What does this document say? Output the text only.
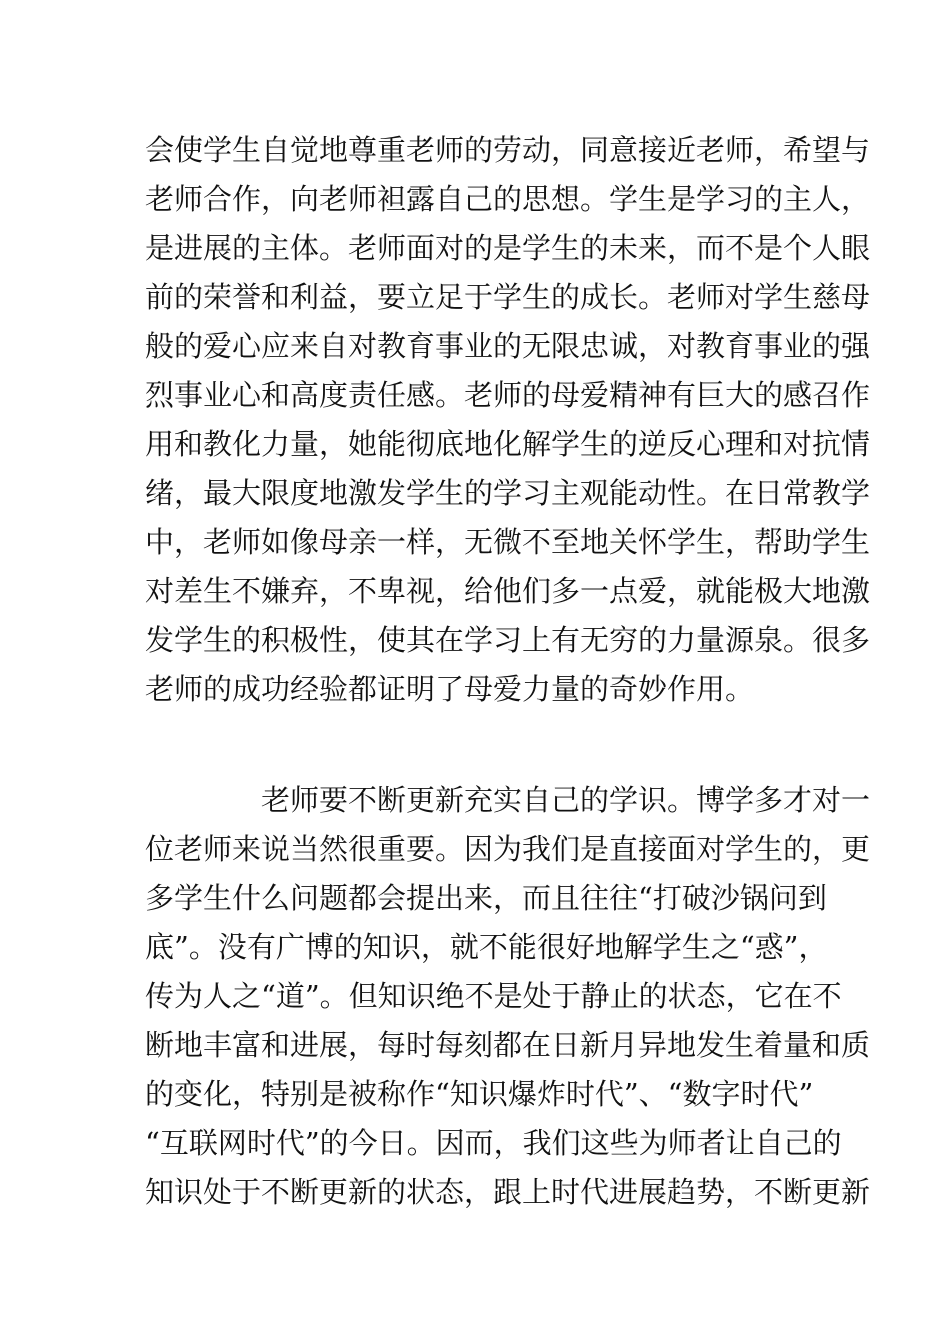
会使学生自觉地尊重老师的劳动，同意接近老师，希望与
老师合作，向老师袒露自己的思想。学生是学习的主人，
是进展的主体。老师面对的是学生的未来，而不是个人眼
前的荣誉和利益，要立足于学生的成长。老师对学生慈母
般的爱心应来自对教育事业的无限忠诚，对教育事业的强
烈事业心和高度责任感。老师的母爱精神有巨大的感召作
用和教化力量，她能彻底地化解学生的逆反心理和对抗情
绪，最大限度地激发学生的学习主观能动性。在日常教学
中，老师如像母亲一样，无微不至地关怀学生，帮助学生
对差生不嫌弃，不卑视，给他们多一点爱，就能极大地激
发学生的积极性，使其在学习上有无穷的力量源泉。很多
老师的成功经验都证明了母爱力量的奇妙作用。
老师要不断更新充实自己的学识。博学多才对一
位老师来说当然很重要。因为我们是直接面对学生的，更
多学生什么问题都会提出来，而且往往“打破沙锅问到
底”。没有广博的知识，就不能很好地解学生之“惑”，
传为人之“道”。但知识绝不是处于静止的状态，它在不
断地丰富和进展，每时每刻都在日新月异地发生着量和质
的变化，特别是被称作“知识爆炸时代”、“数字时代”
“互联网时代”的今日。因而，我们这些为师者让自己的
知识处于不断更新的状态，跟上时代进展趋势，不断更新
